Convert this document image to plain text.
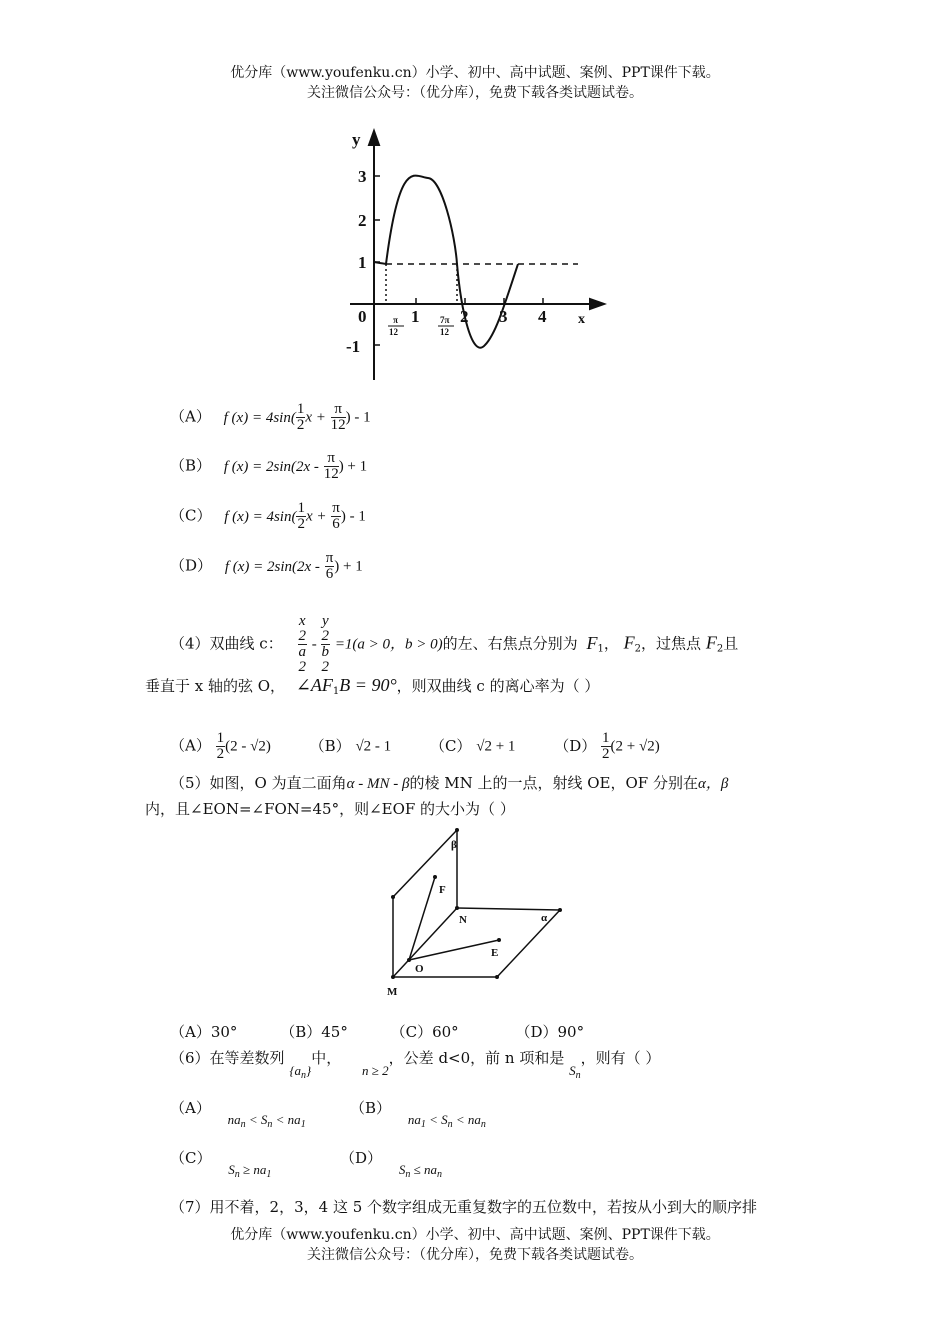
优分库（www.youfenku.cn）小学、初中、高中试题、案例、PPT课件下载。
关注微信公众号：（优分库），免费下载各类试题试卷。
y
x
0
3
2
1
-1
1 2 3 4
π
12
7π
12
（A） f $(x) = 4\sin( \frac{1}{2}$ $x + \frac{\pi}{12}$ ) - 1
（B） f $(x) = 2\sin(2x - \frac{\pi}{12}$ ) + 1
（C） f $(x) = 4\sin( \frac{1}{2}$ $x + \frac{\pi}{6}$ ) - 1
（D） f $(x) = 2\sin(2x - \frac{\pi}{6}$ ) + 1
（4）双曲线 c： x
2
a
2 - y
2
b
2 =1(a > 0，b > 0)的左、右焦点分别为 $F_1$， $F_2$，过焦点 $F_2$且
垂直于 x 轴的弦 O， $\angle AF_1B = 90^\circ$，则双曲线 c 的离心率为（ ）
$(A) \frac{1}{2} (2 - √2)$	（B） √2 - 1	（C） √2 + 1	$(D) \frac{1}{2} (2 + √2)$
（5）如图，O 为直二面角α - MN - β的棱 MN 上的一点，射线 OE，OF 分别在α，β
内，且∠EON=∠FON=45°，则∠EOF 的大小为（ ）
β
α
F
N
E
O
M
（A）30°	（B）45°	（C）60°	（D）90°
（6）在等差数列 $\{a_n\}$中， n ≥ 2，公差 d<0，前 n 项和是 $S_n$，则有（ ）
（A） $na_n < S_n < na_1$
（B） $na_1 < S_n < na_n$
（C） $S_n \ge na_1$
（D） $S_n \le na_n$
（7）用不着，2，3，4 这 5 个数字组成无重复数字的五位数中，若按从小到大的顺序排
优分库（www.youfenku.cn）小学、初中、高中试题、案例、PPT课件下载。
关注微信公众号：（优分库），免费下载各类试题试卷。
